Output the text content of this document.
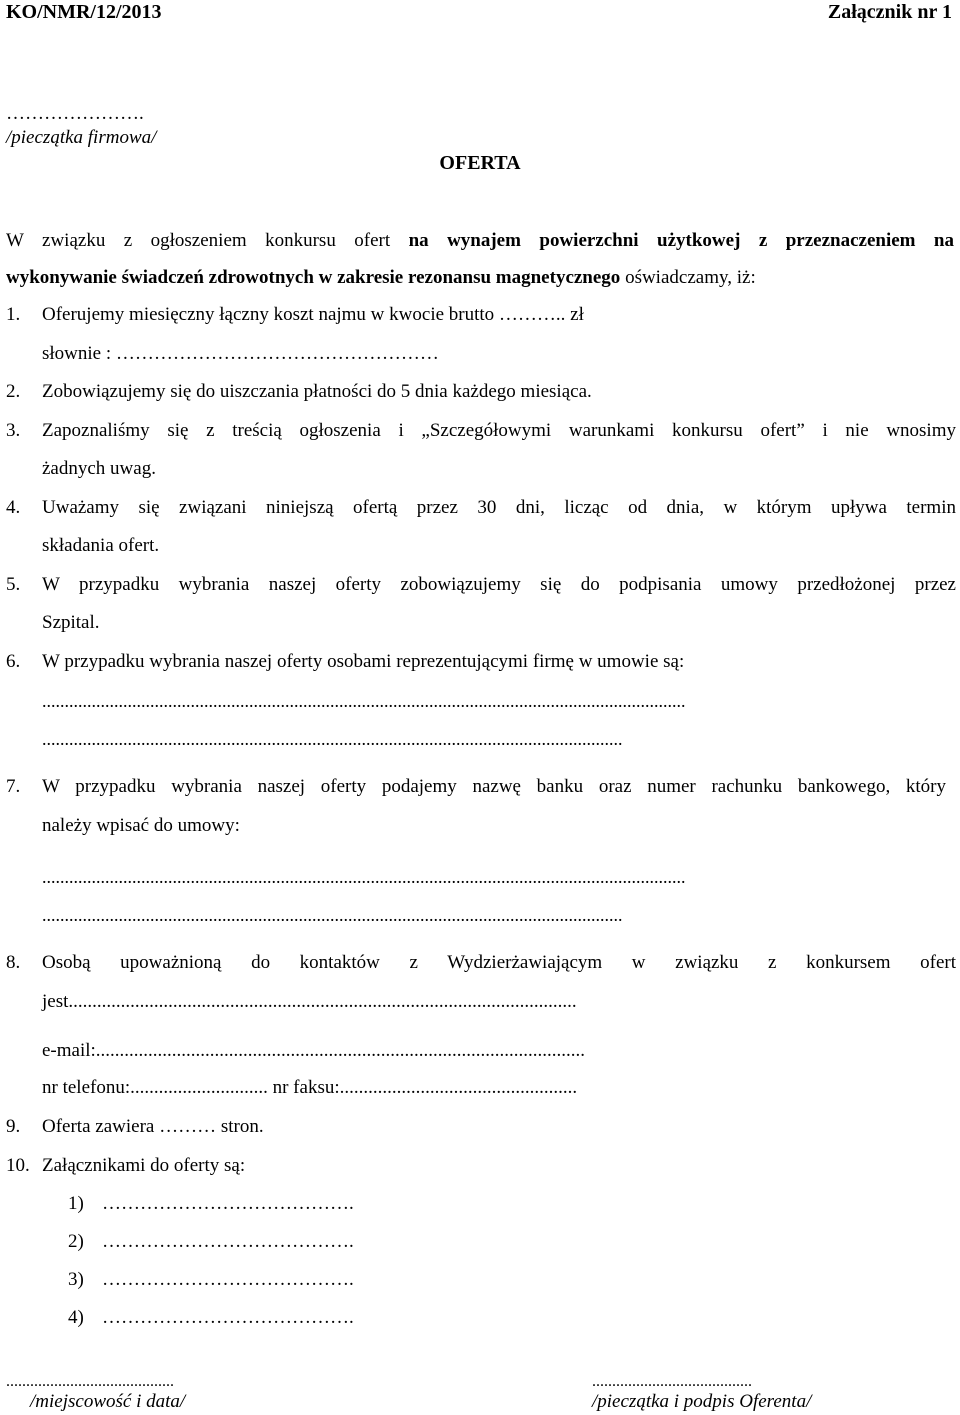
KO/NMR/12/2013	Załącznik nr 1
………………….
/pieczątka firmowa/
OFERTA
W związku z ogłoszeniem konkursu ofert na wynajem powierzchni użytkowej z przeznaczeniem na
wykonywanie świadczeń zdrowotnych w zakresie rezonansu magnetycznego oświadczamy, iż:
1. Oferujemy miesięczny łączny koszt najmu w kwocie brutto ……….. zł
słownie : ……………………………………………
2. Zobowiązujemy się do uiszczania płatności do 5 dnia każdego miesiąca.
3. Zapoznaliśmy się z treścią ogłoszenia i „Szczegółowymi warunkami konkursu ofert” i nie wnosimy
żadnych uwag.
4. Uważamy się związani niniejszą ofertą przez 30 dni, licząc od dnia, w którym upływa termin
składania ofert.
5. W przypadku wybrania naszej oferty zobowiązujemy się do podpisania umowy przedłożonej przez
Szpital.
6. W przypadku wybrania naszej oferty osobami reprezentującymi firmę w umowie są:
...............................................................................................................................................
.................................................................................................................................
7. W przypadku wybrania naszej oferty podajemy nazwę banku oraz numer rachunku bankowego, który
należy wpisać do umowy:
...............................................................................................................................................
.................................................................................................................................
8. Osobą upoważnioną do kontaktów z Wydzierżawiającym w związku z konkursem ofert
jest...........................................................................................................
e-mail:.......................................................................................................
nr telefonu:............................. nr faksu:..................................................
9. Oferta zawiera ……… stron.
10. Załącznikami do oferty są:
1) ………………………………….
2) ………………………………….
3) ………………………………….
4) ………………………………….
..........................................
/miejscowość i data/
........................................
/pieczątka i podpis Oferenta/
